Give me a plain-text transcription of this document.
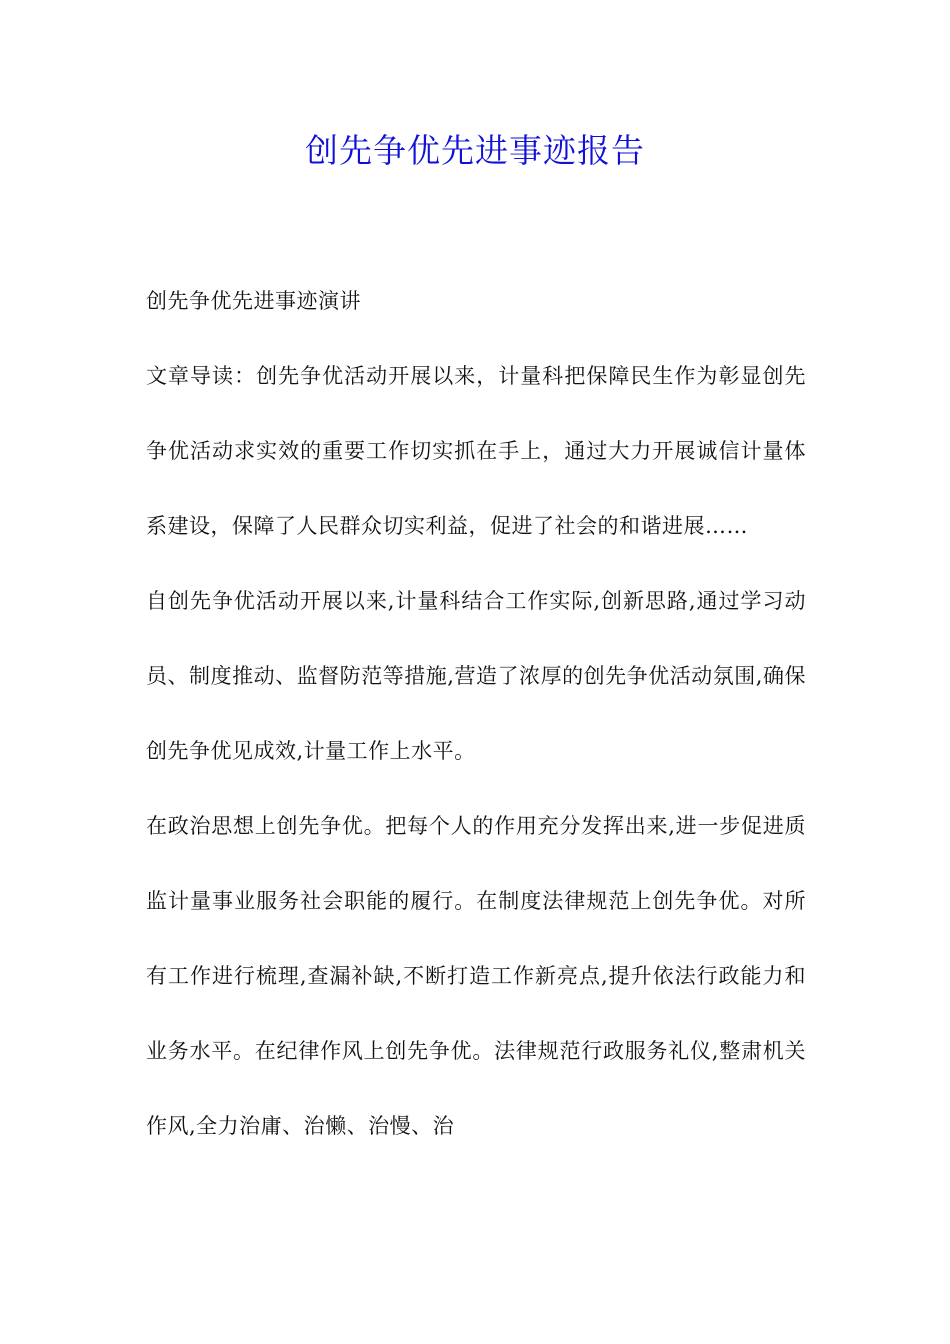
创先争优先进事迹报告

创先争优先进事迹演讲

文章导读：创先争优活动开展以来，计量科把保障民生作为彰显创先争优活动求实效的重要工作切实抓在手上，通过大力开展诚信计量体系建设，保障了人民群众切实利益，促进了社会的和谐进展……

自创先争优活动开展以来,计量科结合工作实际,创新思路,通过学习动员、制度推动、监督防范等措施,营造了浓厚的创先争优活动氛围,确保创先争优见成效,计量工作上水平。

在政治思想上创先争优。把每个人的作用充分发挥出来,进一步促进质监计量事业服务社会职能的履行。在制度法律规范上创先争优。对所有工作进行梳理,查漏补缺,不断打造工作新亮点,提升依法行政能力和业务水平。在纪律作风上创先争优。法律规范行政服务礼仪,整肃机关作风,全力治庸、治懒、治慢、治
